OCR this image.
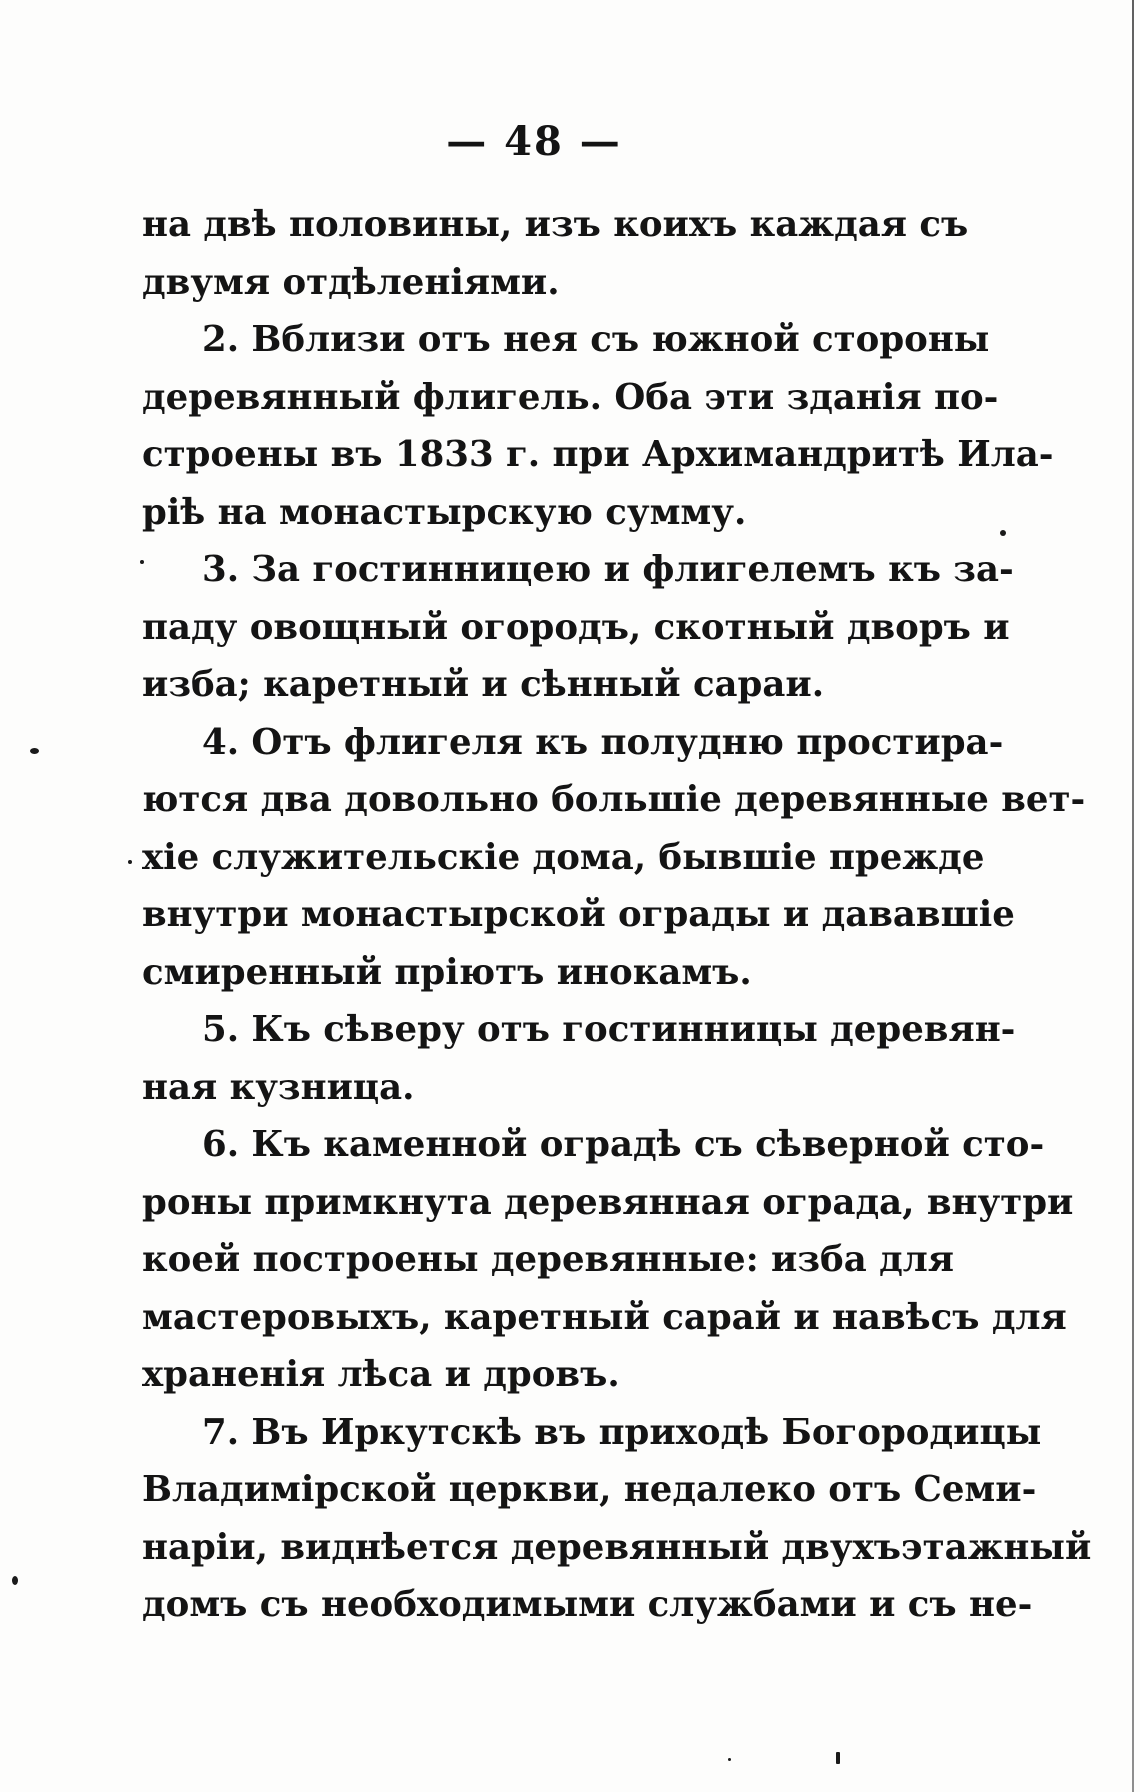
— 48 —
на двѣ половины, изъ коихъ каждая съ
двумя отдѣленіями.
2. Вблизи отъ нея съ южной стороны
деревянный флигель. Оба эти зданія по-
строены въ 1833 г. при Архимандритѣ Ила-
ріѣ на монастырскую сумму.
3. За гостинницею и флигелемъ къ за-
паду овощный огородъ, скотный дворъ и
изба; каретный и сѣнный сараи.
4. Отъ флигеля къ полудню простира-
ются два довольно большіе деревянные вет-
хіе служительскіе дома, бывшіе прежде
внутри монастырской ограды и дававшіе
смиренный пріютъ инокамъ.
5. Къ сѣверу отъ гостинницы деревян-
ная кузница.
6. Къ каменной оградѣ съ сѣверной сто-
роны примкнута деревянная ограда, внутри
коей построены деревянные: изба для
мастеровыхъ, каретный сарай и навѣсъ для
храненія лѣса и дровъ.
7. Въ Иркутскѣ въ приходѣ Богородицы
Владимірской церкви, недалеко отъ Семи-
наріи, виднѣется деревянный двухъэтажный
домъ съ необходимыми службами и съ не-
